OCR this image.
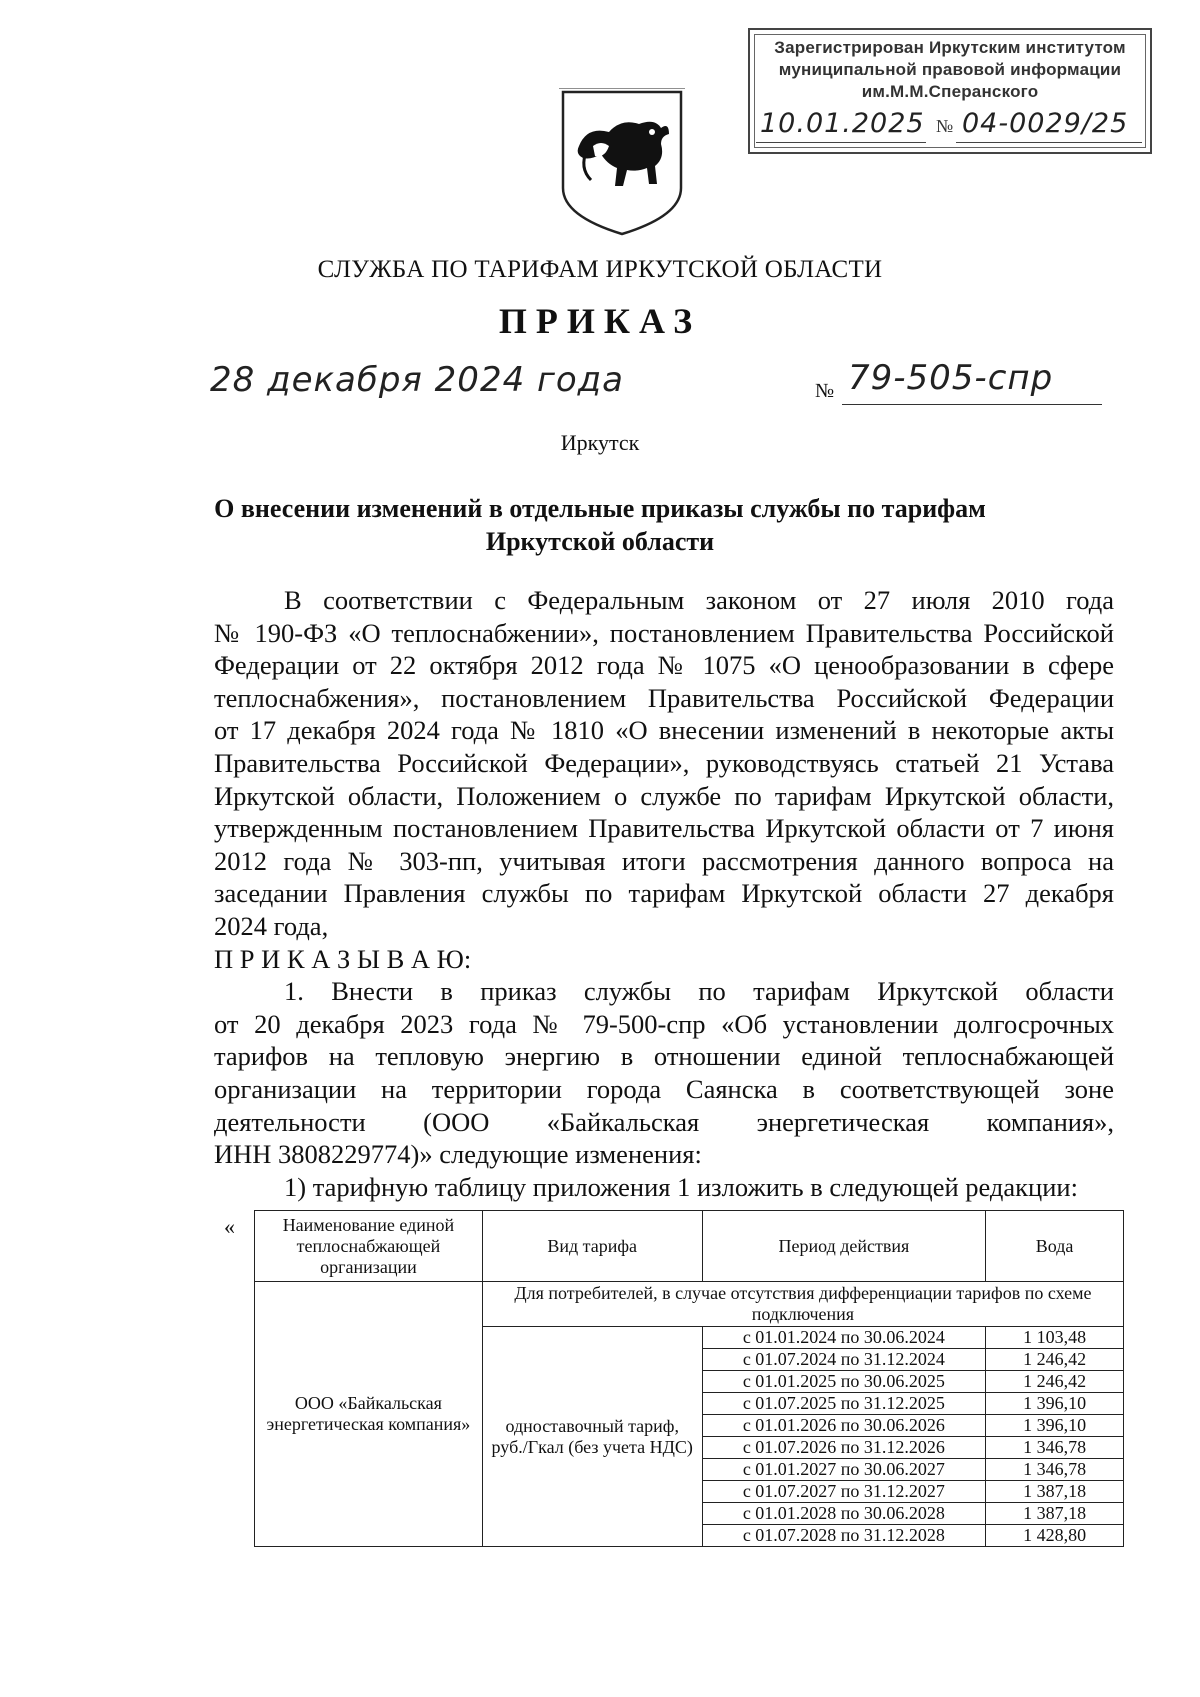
Зарегистрирован Иркутским институтом
муниципальной правовой информации
им.М.М.Сперанского
10.01.2025 № 04-0029/25
СЛУЖБА ПО ТАРИФАМ ИРКУТСКОЙ ОБЛАСТИ
ПРИКАЗ
28 декабря 2024 года	№ 79-505-спр
Иркутск
О внесении изменений в отдельные приказы службы по тарифам
Иркутской области

В соответствии с Федеральным законом от 27 июля 2010 года

№ 190-ФЗ «О теплоснабжении», постановлением Правительства Российской

Федерации от 22 октября 2012 года № 1075 «О ценообразовании в сфере

теплоснабжения», постановлением Правительства Российской Федерации

от 17 декабря 2024 года № 1810 «О внесении изменений в некоторые акты

Правительства Российской Федерации», руководствуясь статьей 21 Устава

Иркутской области, Положением о службе по тарифам Иркутской области,

утвержденным постановлением Правительства Иркутской области от 7 июня

2012 года № 303-пп, учитывая итоги рассмотрения данного вопроса на

заседании Правления службы по тарифам Иркутской области 27 декабря

2024 года,

П Р И К А З Ы В А Ю:

1. Внести в приказ службы по тарифам Иркутской области

от 20 декабря 2023 года № 79-500-спр «Об установлении долгосрочных

тарифов на тепловую энергию в отношении единой теплоснабжающей

организации на территории города Саянска в соответствующей зоне

деятельности (ООО «Байкальская энергетическая компания»,

ИНН 3808229774)» следующие изменения:

1) тарифную таблицу приложения 1 изложить в следующей редакции:

«	Наименование единой теплоснабжающей организации	Вид тарифа	Период действия	Вода
ООО «Байкальская энергетическая компания»	Для потребителей, в случае отсутствия дифференциации тарифов по схеме подключения		
	одноставочный тариф, руб./Гкал (без учета НДС)	с 01.01.2024 по 30.06.2024	1 103,48
		с 01.07.2024 по 31.12.2024	1 246,42
		с 01.01.2025 по 30.06.2025	1 246,42
		с 01.07.2025 по 31.12.2025	1 396,10
		с 01.01.2026 по 30.06.2026	1 396,10
		с 01.07.2026 по 31.12.2026	1 346,78
		с 01.01.2027 по 30.06.2027	1 346,78
		с 01.07.2027 по 31.12.2027	1 387,18
		с 01.01.2028 по 30.06.2028	1 387,18
		с 01.07.2028 по 31.12.2028	1 428,80
